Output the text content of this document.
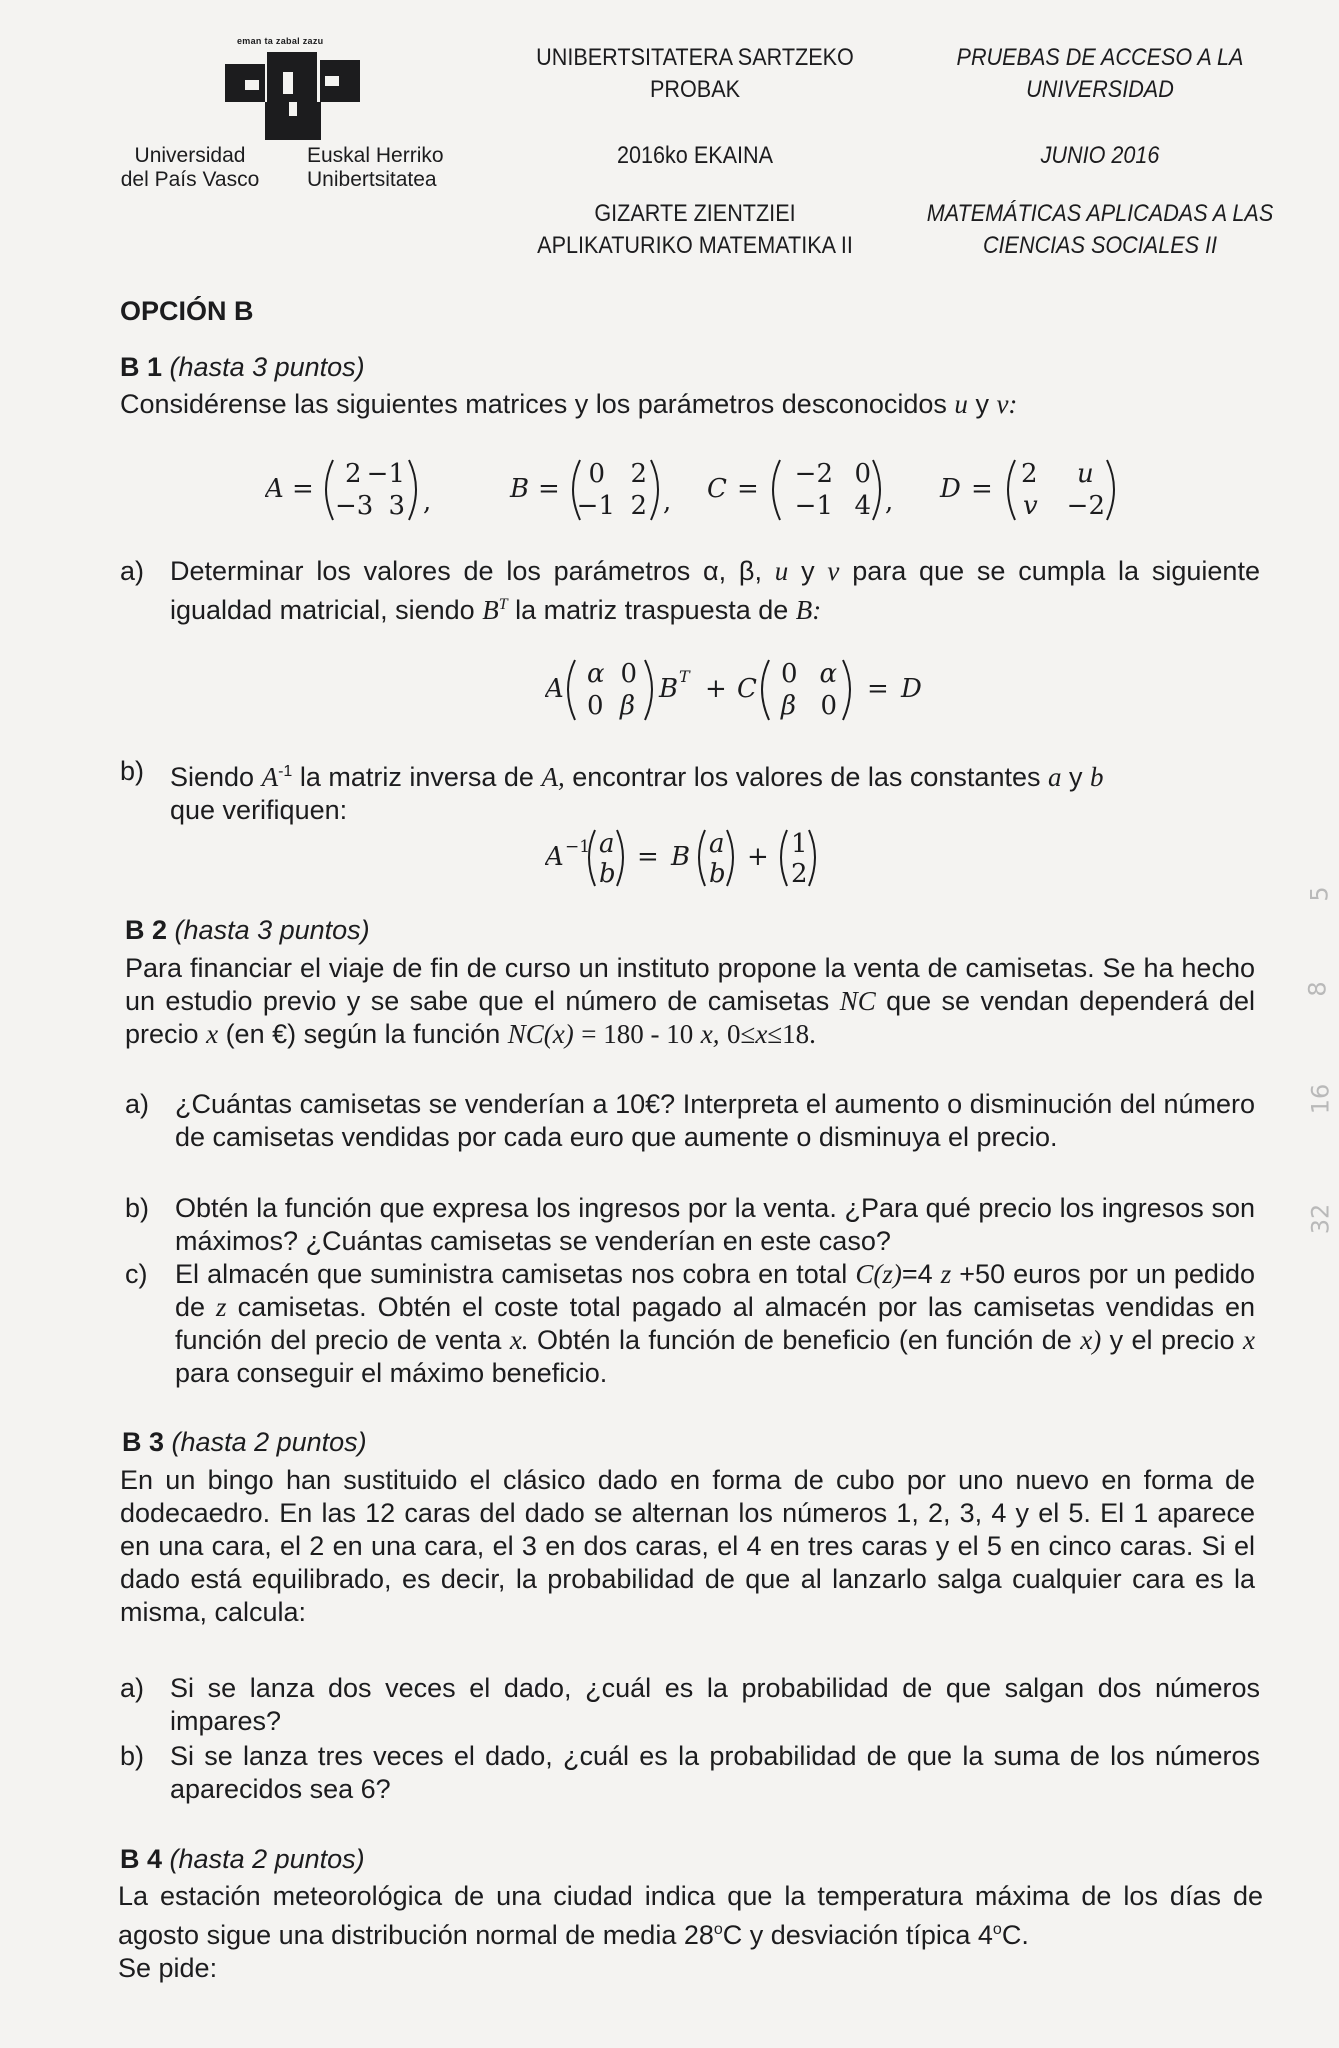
eman ta zabal zazu
Universidad
del País Vasco
Euskal Herriko
Unibertsitatea
UNIBERTSITATERA SARTZEKO
PROBAK
PRUEBAS DE ACCESO A LA
UNIVERSIDAD
2016ko EKAINA	JUNIO 2016
GIZARTE ZIENTZIEI
APLIKATURIKO MATEMATIKA II
MATEMÁTICAS APLICADAS A LAS
CIENCIAS SOCIALES II
OPCIÓN B
B 1 (hasta 3 puntos)
Considérense las siguientes matrices y los parámetros desconocidos u y v:
A = 2 −1
−3 3 ,	B = 0 2
−1 2 , C = −2 0
−1 4 , D = 2 u
v −2
a) Determinar los valores de los parámetros α, β, u y v para que se cumpla la siguiente igualdad matricial, siendo $B^T$ la matriz traspuesta de B:
A α 0
0 β
B T + C 0 α
β 0
= D
b) Siendo $A^{-1}$ la matriz inversa de A, encontrar los valores de las constantes a y b
que verifiquen:
A −1 a
b
= B a
b
+ 1
2
B 2 (hasta 3 puntos)
Para financiar el viaje de fin de curso un instituto propone la venta de camisetas. Se ha hecho un estudio previo y se sabe que el número de camisetas NC que se vendan dependerá del precio x (en €) según la función NC(x) = 180 - 10 x, 0≤x≤18.
a) ¿Cuántas camisetas se venderían a 10€? Interpreta el aumento o disminución del número de camisetas vendidas por cada euro que aumente o disminuya el precio.
b) Obtén la función que expresa los ingresos por la venta. ¿Para qué precio los ingresos son máximos? ¿Cuántas camisetas se venderían en este caso?
c)	El almacén que suministra camisetas nos cobra en total C(z)=4 z +50 euros por un pedido de z camisetas. Obtén el coste total pagado al almacén por las camisetas vendidas en función del precio de venta x. Obtén la función de beneficio (en función de x) y el precio x para conseguir el máximo beneficio.
B 3 (hasta 2 puntos)
En un bingo han sustituido el clásico dado en forma de cubo por uno nuevo en forma de dodecaedro. En las 12 caras del dado se alternan los números 1, 2, 3, 4 y el 5. El 1 aparece en una cara, el 2 en una cara, el 3 en dos caras, el 4 en tres caras y el 5 en cinco caras. Si el dado está equilibrado, es decir, la probabilidad de que al lanzarlo salga cualquier cara es la misma, calcula:
a) Si se lanza dos veces el dado, ¿cuál es la probabilidad de que salgan dos números impares?
b) Si se lanza tres veces el dado, ¿cuál es la probabilidad de que la suma de los números aparecidos sea 6?
B 4 (hasta 2 puntos)
La estación meteorológica de una ciudad indica que la temperatura máxima de los días de agosto sigue una distribución normal de media 28$^o$C y desviación típica 4$^o$C.
Se pide:
5
8
16
32
